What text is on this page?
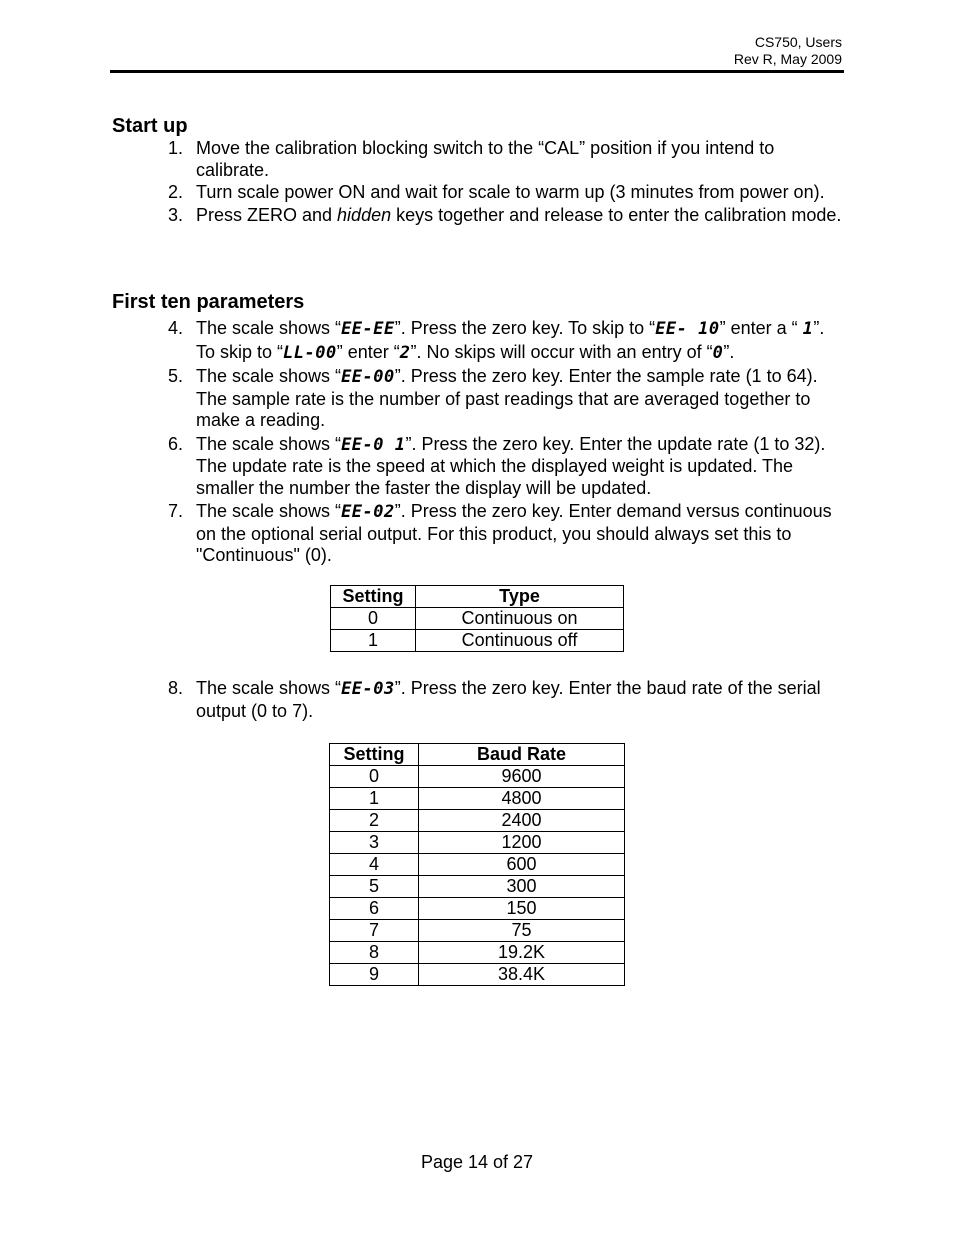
CS750, Users
Rev R, May 2009
Start up
1. Move the calibration blocking switch to the “CAL” position if you intend to calibrate.
2. Turn scale power ON and wait for scale to warm up (3 minutes from power on).
3. Press ZERO and hidden keys together and release to enter the calibration mode.
First ten parameters
4. The scale shows “EE-EE”. Press the zero key. To skip to “EE- 10” enter a “ 1”. To skip to “LL-00” enter “2”. No skips will occur with an entry of “0”.
5. The scale shows “EE-00”. Press the zero key. Enter the sample rate (1 to 64). The sample rate is the number of past readings that are averaged together to make a reading.
6. The scale shows “EE-0 1”. Press the zero key. Enter the update rate (1 to 32). The update rate is the speed at which the displayed weight is updated. The smaller the number the faster the display will be updated.
7. The scale shows “EE-02”. Press the zero key. Enter demand versus continuous on the optional serial output. For this product, you should always set this to "Continuous" (0).
Setting	Type
0	Continuous on
1	Continuous off
8. The scale shows “EE-03”. Press the zero key. Enter the baud rate of the serial output (0 to 7).
Setting	Baud Rate
0	9600
1	4800
2	2400
3	1200
4	600
5	300
6	150
7	75
8	19.2K
9	38.4K
Page 14 of 27
